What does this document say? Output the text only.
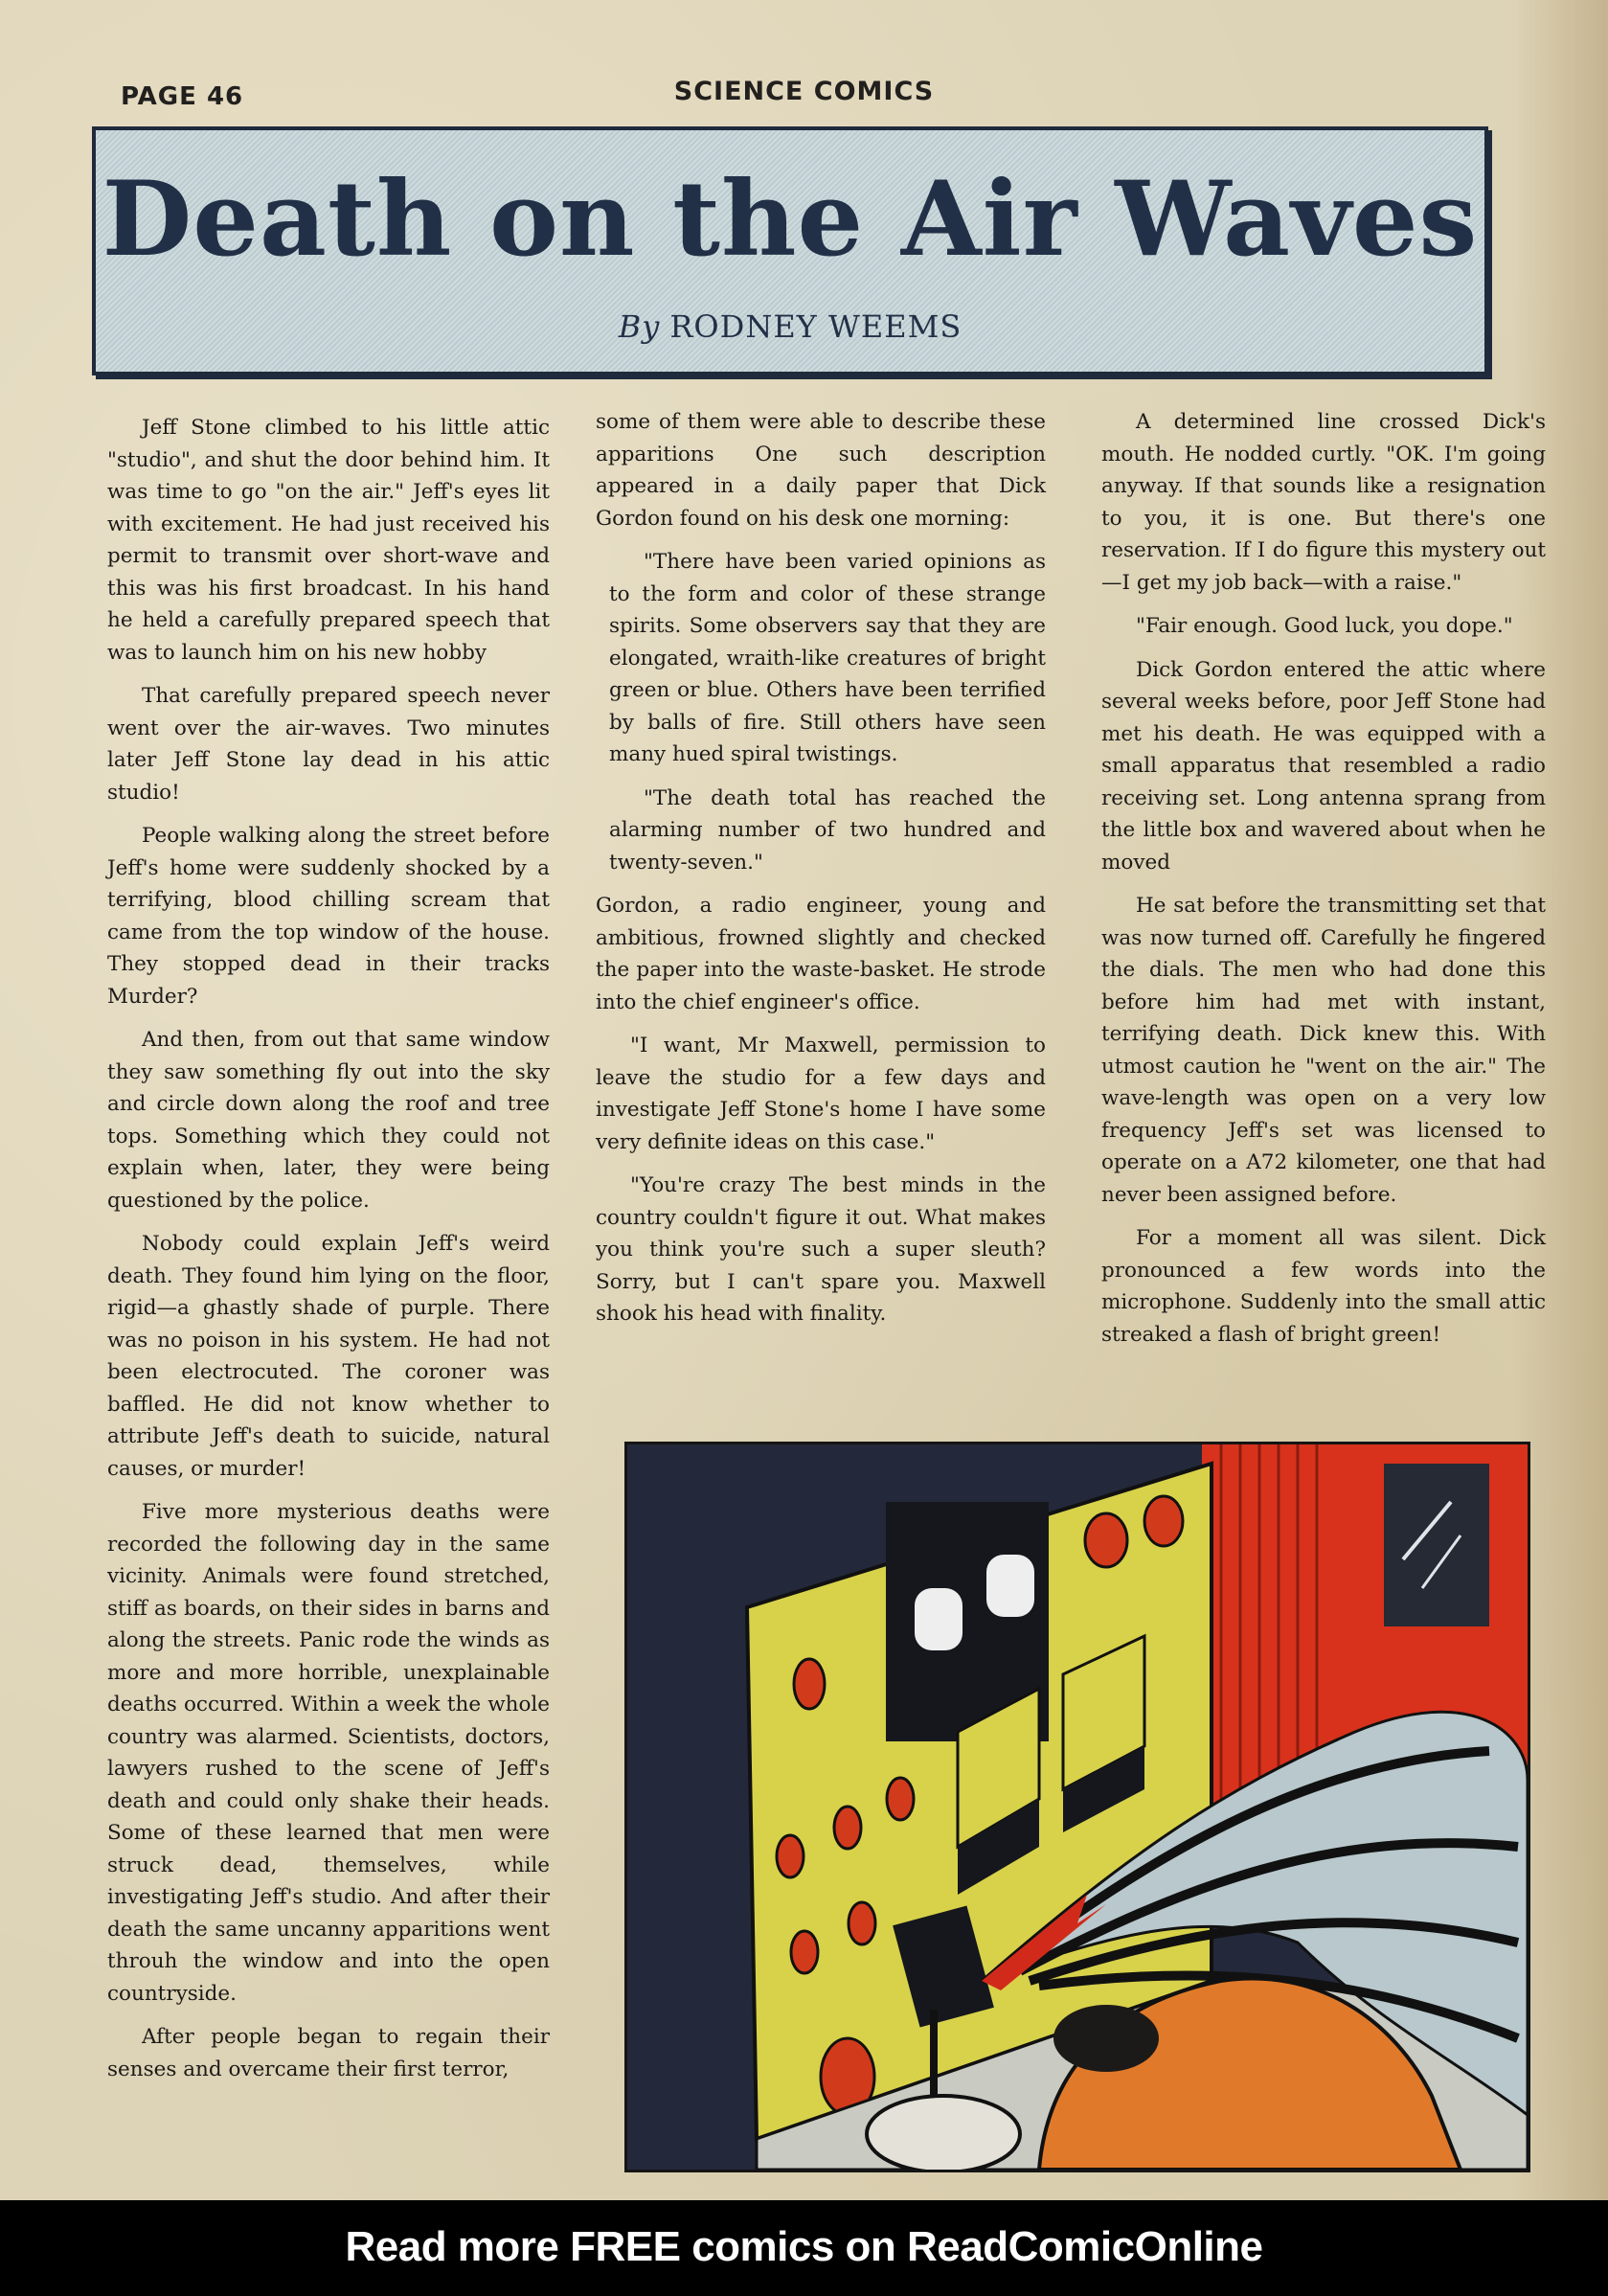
PAGE 46	SCIENCE COMICS
Death on the Air Waves
By RODNEY WEEMS

Jeff Stone climbed to his little attic "studio", and shut the door behind him. It was time to go "on the air." Jeff's eyes lit with excitement. He had just received his permit to transmit over short-wave and this was his first broadcast. In his hand he held a carefully prepared speech that was to launch him on his new hobby

That carefully prepared speech never went over the air-waves. Two minutes later Jeff Stone lay dead in his attic studio!

People walking along the street before Jeff's home were suddenly shocked by a terrifying, blood chilling scream that came from the top window of the house. They stopped dead in their tracks Murder?

And then, from out that same window they saw something fly out into the sky and circle down along the roof and tree tops. Something which they could not explain when, later, they were being questioned by the police.

Nobody could explain Jeff's weird death. They found him lying on the floor, rigid—a ghastly shade of purple. There was no poison in his system. He had not been electrocuted. The coroner was baffled. He did not know whether to attribute Jeff's death to suicide, natural causes, or murder!

Five more mysterious deaths were recorded the following day in the same vicinity. Animals were found stretched, stiff as boards, on their sides in barns and along the streets. Panic rode the winds as more and more horrible, unexplainable deaths occurred. Within a week the whole country was alarmed. Scientists, doctors, lawyers rushed to the scene of Jeff's death and could only shake their heads. Some of these learned that men were struck dead, themselves, while investigating Jeff's studio. And after their death the same uncanny apparitions went throuh the window and into the open countryside.

After people began to regain their senses and overcame their first terror,

some of them were able to describe these apparitions One such description appeared in a daily paper that Dick Gordon found on his desk one morning:

"There have been varied opinions as to the form and color of these strange spirits. Some observers say that they are elongated, wraith-like creatures of bright green or blue. Others have been terrified by balls of fire. Still others have seen many hued spiral twistings.

"The death total has reached the alarming number of two hundred and twenty-seven."

Gordon, a radio engineer, young and ambitious, frowned slightly and checked the paper into the waste-basket. He strode into the chief engineer's office.

"I want, Mr Maxwell, permission to leave the studio for a few days and investigate Jeff Stone's home I have some very definite ideas on this case."

"You're crazy The best minds in the country couldn't figure it out. What makes you think you're such a super sleuth? Sorry, but I can't spare you. Maxwell shook his head with finality.

A determined line crossed Dick's mouth. He nodded curtly. "OK. I'm going anyway. If that sounds like a resignation to you, it is one. But there's one reservation. If I do figure this mystery out—I get my job back—with a raise."

"Fair enough. Good luck, you dope."

Dick Gordon entered the attic where several weeks before, poor Jeff Stone had met his death. He was equipped with a small apparatus that resembled a radio receiving set. Long antenna sprang from the little box and wavered about when he moved

He sat before the transmitting set that was now turned off. Carefully he fingered the dials. The men who had done this before him had met with instant, terrifying death. Dick knew this. With utmost caution he "went on the air." The wave-length was open on a very low frequency Jeff's set was licensed to operate on a A72 kilometer, one that had never been assigned before.

For a moment all was silent. Dick pronounced a few words into the microphone. Suddenly into the small attic streaked a flash of bright green!

Read more FREE comics on ReadComicOnline
